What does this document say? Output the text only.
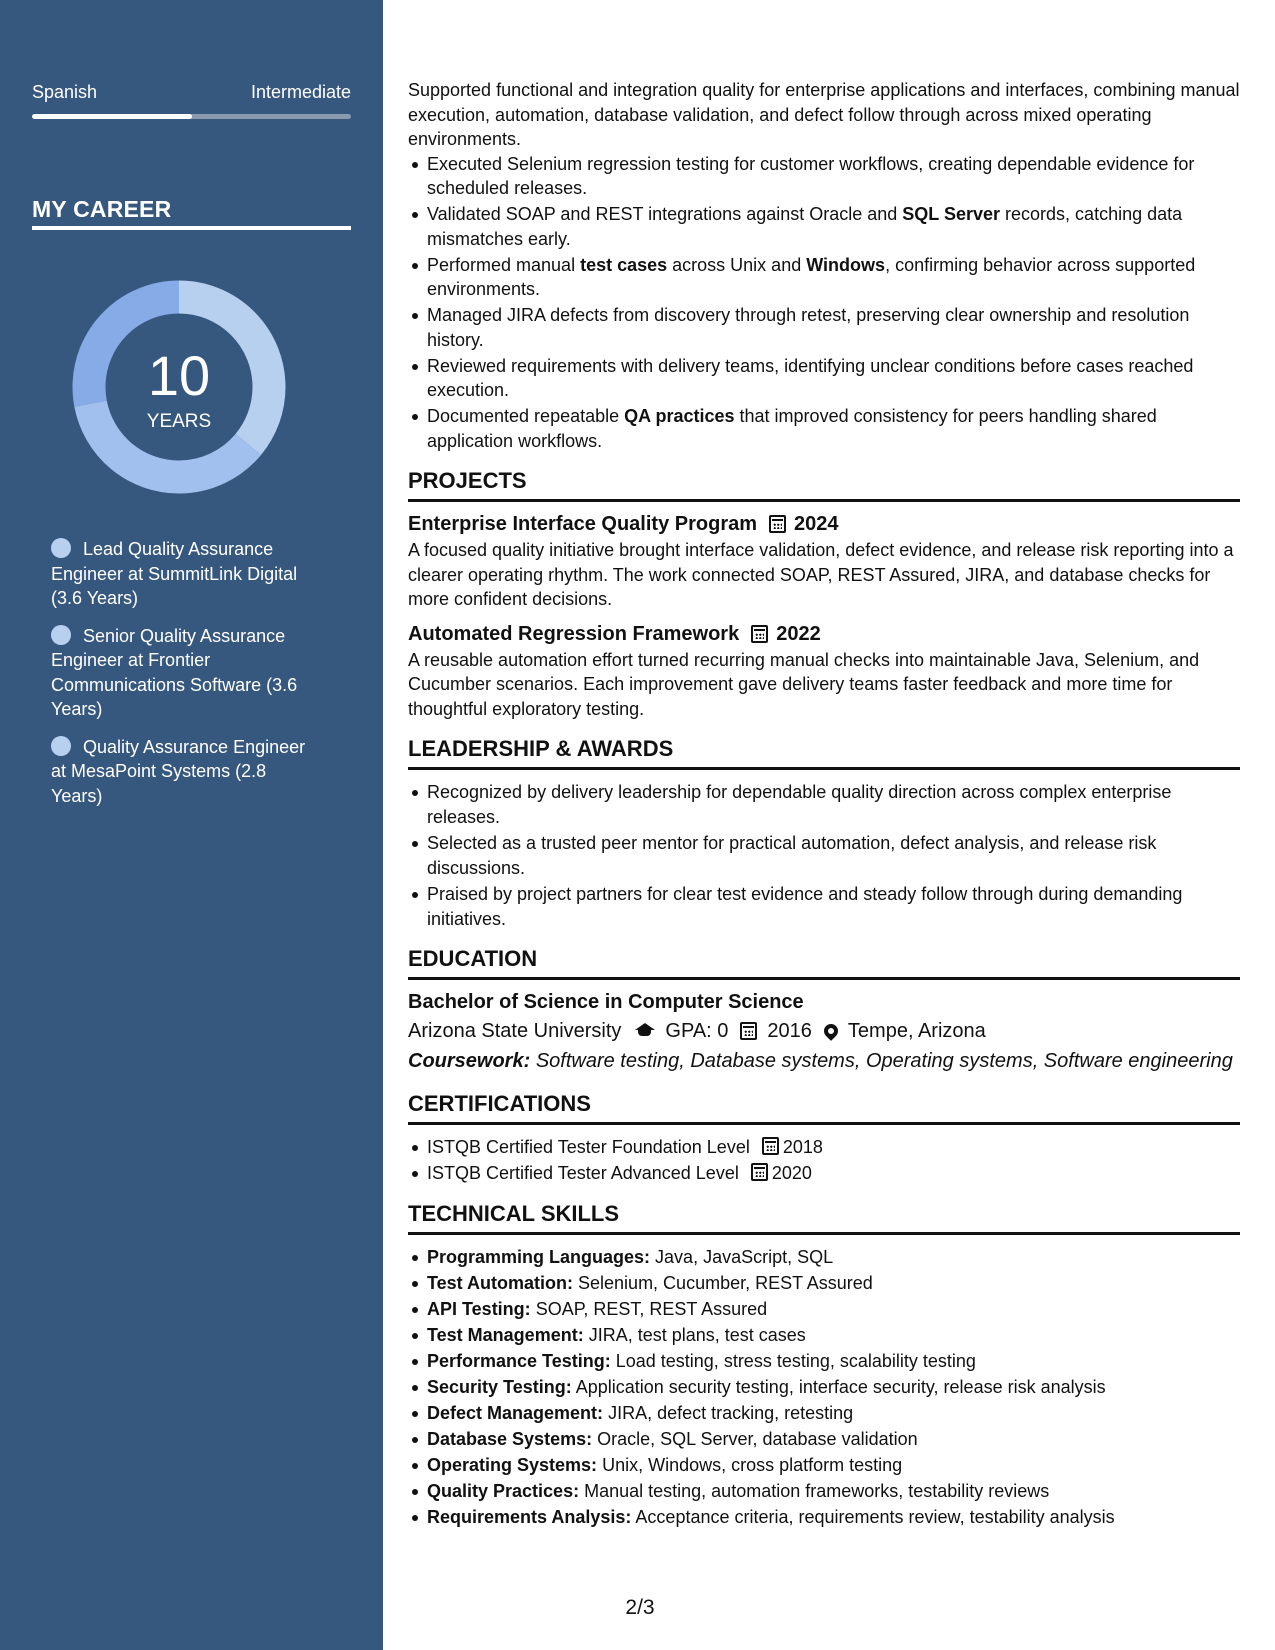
Spanish	Intermediate
MY CAREER
10
YEARS
Lead Quality Assurance Engineer at SummitLink Digital (3.6 Years)
Senior Quality Assurance Engineer at Frontier Communications Software (3.6 Years)
Quality Assurance Engineer at MesaPoint Systems (2.8 Years)

Supported functional and integration quality for enterprise applications and interfaces, combining manual execution, automation, database validation, and defect follow through across mixed operating environments.

Executed Selenium regression testing for customer workflows, creating dependable evidence for scheduled releases.
Validated SOAP and REST integrations against Oracle and SQL Server records, catching data mismatches early.
Performed manual test cases across Unix and Windows, confirming behavior across supported environments.
Managed JIRA defects from discovery through retest, preserving clear ownership and resolution history.
Reviewed requirements with delivery teams, identifying unclear conditions before cases reached execution.
Documented repeatable QA practices that improved consistency for peers handling shared application workflows.
PROJECTS
Enterprise Interface Quality Program 2024

A focused quality initiative brought interface validation, defect evidence, and release risk reporting into a clearer operating rhythm. The work connected SOAP, REST Assured, JIRA, and database checks for more confident decisions.

Automated Regression Framework 2022

A reusable automation effort turned recurring manual checks into maintainable Java, Selenium, and Cucumber scenarios. Each improvement gave delivery teams faster feedback and more time for thoughtful exploratory testing.

LEADERSHIP & AWARDS
Recognized by delivery leadership for dependable quality direction across complex enterprise releases.
Selected as a trusted peer mentor for practical automation, defect analysis, and release risk discussions.
Praised by project partners for clear test evidence and steady follow through during demanding initiatives.
EDUCATION
Bachelor of Science in Computer Science
Arizona State University GPA: 0 2016 Tempe, Arizona
Coursework: Software testing, Database systems, Operating systems, Software engineering
CERTIFICATIONS
ISTQB Certified Tester Foundation Level 2018
ISTQB Certified Tester Advanced Level 2020
TECHNICAL SKILLS
Programming Languages: Java, JavaScript, SQL
Test Automation: Selenium, Cucumber, REST Assured
API Testing: SOAP, REST, REST Assured
Test Management: JIRA, test plans, test cases
Performance Testing: Load testing, stress testing, scalability testing
Security Testing: Application security testing, interface security, release risk analysis
Defect Management: JIRA, defect tracking, retesting
Database Systems: Oracle, SQL Server, database validation
Operating Systems: Unix, Windows, cross platform testing
Quality Practices: Manual testing, automation frameworks, testability reviews
Requirements Analysis: Acceptance criteria, requirements review, testability analysis
2/3
